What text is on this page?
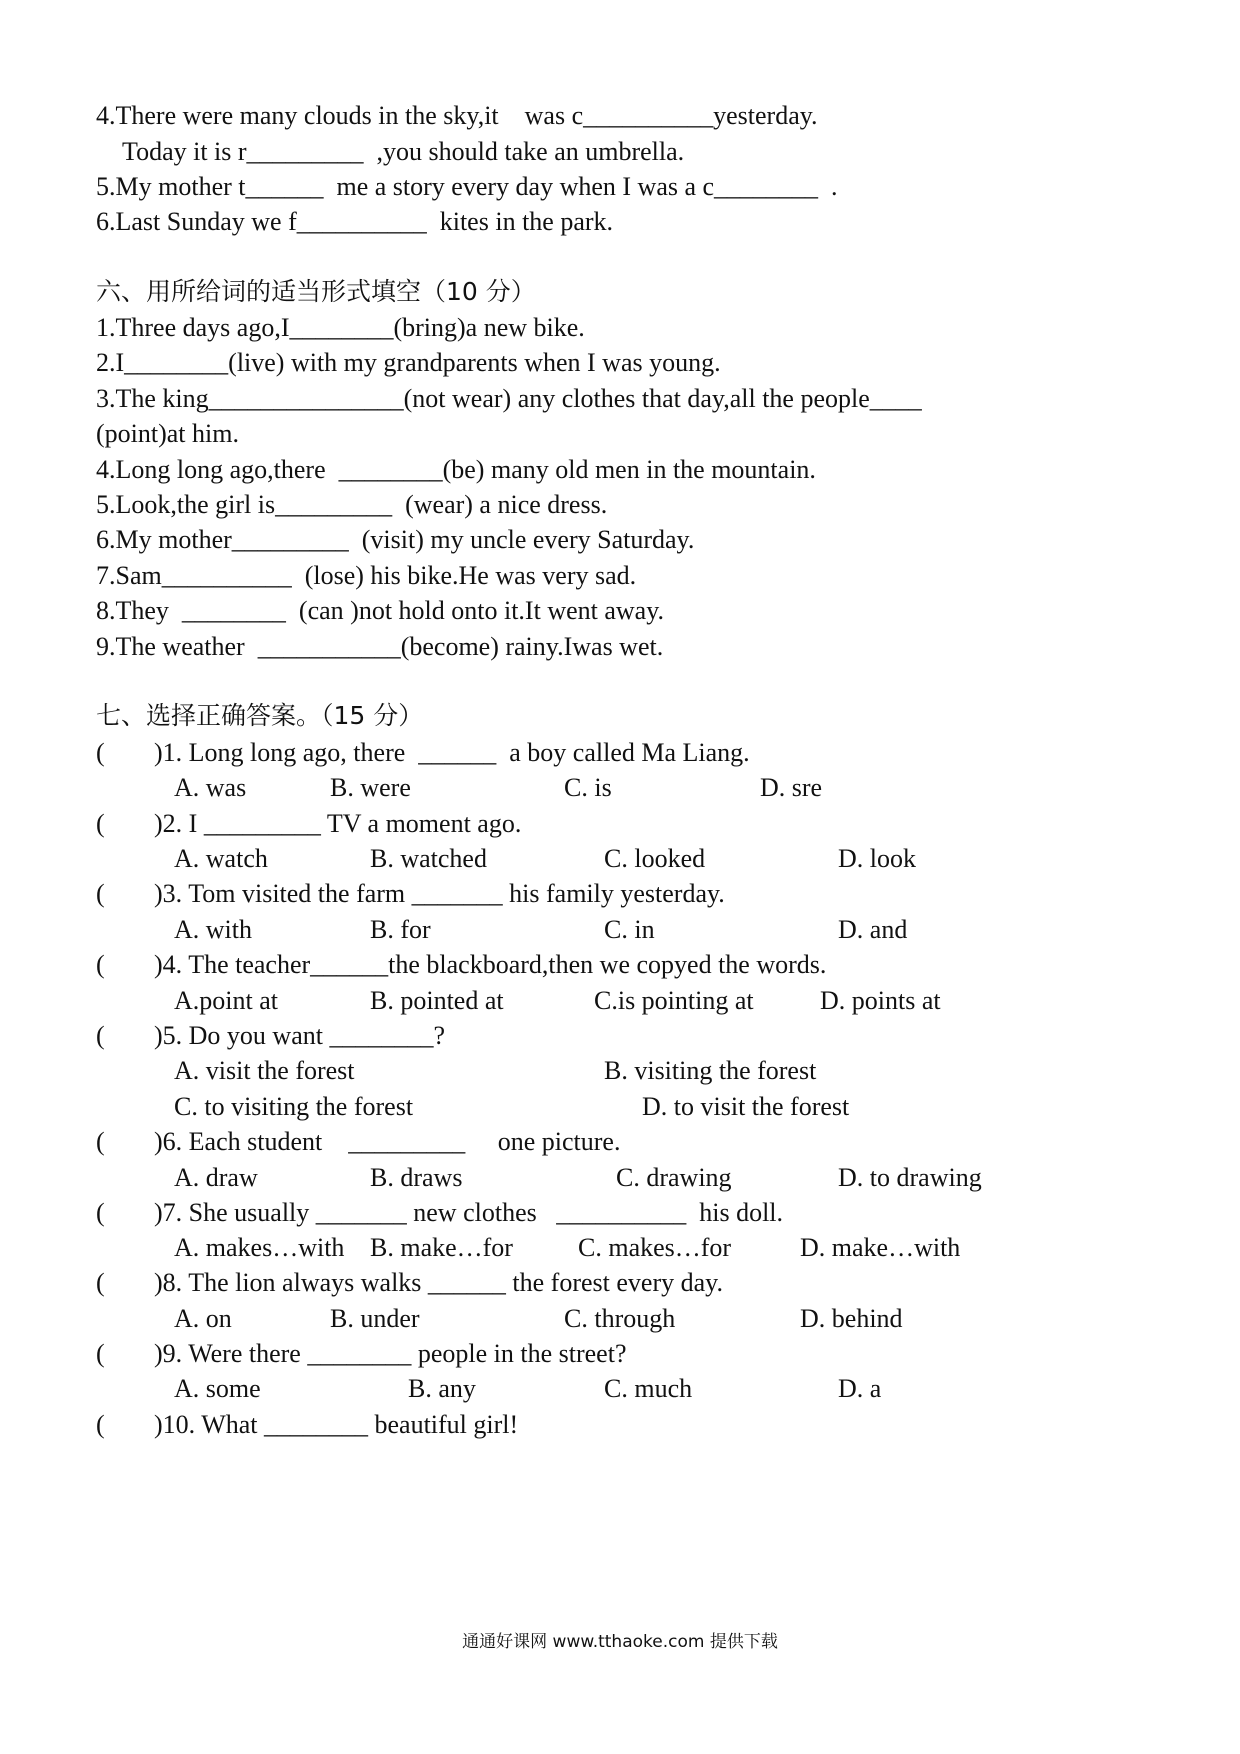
4.There were many clouds in the sky,it    was c__________yesterday.
Today it is r_________  ,you should take an umbrella.
5.My mother t______  me a story every day when I was a c________  .
6.Last Sunday we f__________  kites in the park.
六、用所给词的适当形式填空（10 分）
1.Three days ago,I________(bring)a new bike.
2.I________(live) with my grandparents when I was young.
3.The king_______________(not wear) any clothes that day,all the people____
(point)at him.
4.Long long ago,there  ________(be) many old men in the mountain.
5.Look,the girl is_________  (wear) a nice dress.
6.My mother_________  (visit) my uncle every Saturday.
7.Sam__________  (lose) his bike.He was very sad.
8.They  ________  (can )not hold onto it.It went away.
9.The weather  ___________(become) rainy.Iwas wet.
七、选择正确答案。（15 分）
( )1. Long long ago, there  ______  a boy called Ma Liang.
A. was	B. were	C. is	D. sre
( )2. I _________ TV a moment ago.
A. watch	B. watched	C. looked	D. look
( )3. Tom visited the farm _______ his family yesterday.
A. with	B. for	C. in	D. and
( )4. The teacher______the blackboard,then we copyed the words.
A.point at	B. pointed at	C.is pointing at	D. points at
( )5. Do you want ________?
A. visit the forest	B. visiting the forest
C. to visiting the forest	D. to visit the forest
( )6. Each student    _________     one picture.
A. draw	B. draws	C. drawing	D. to drawing
( )7. She usually _______ new clothes   __________  his doll.
A. makes…with B. make…for	C. makes…for	D. make…with
( )8. The lion always walks ______ the forest every day.
A. on	B. under	C. through	D. behind
( )9. Were there ________ people in the street?
A. some	B. any	C. much	D. a
( )10. What ________ beautiful girl!
通通好课网 www.tthaoke.com 提供下载
